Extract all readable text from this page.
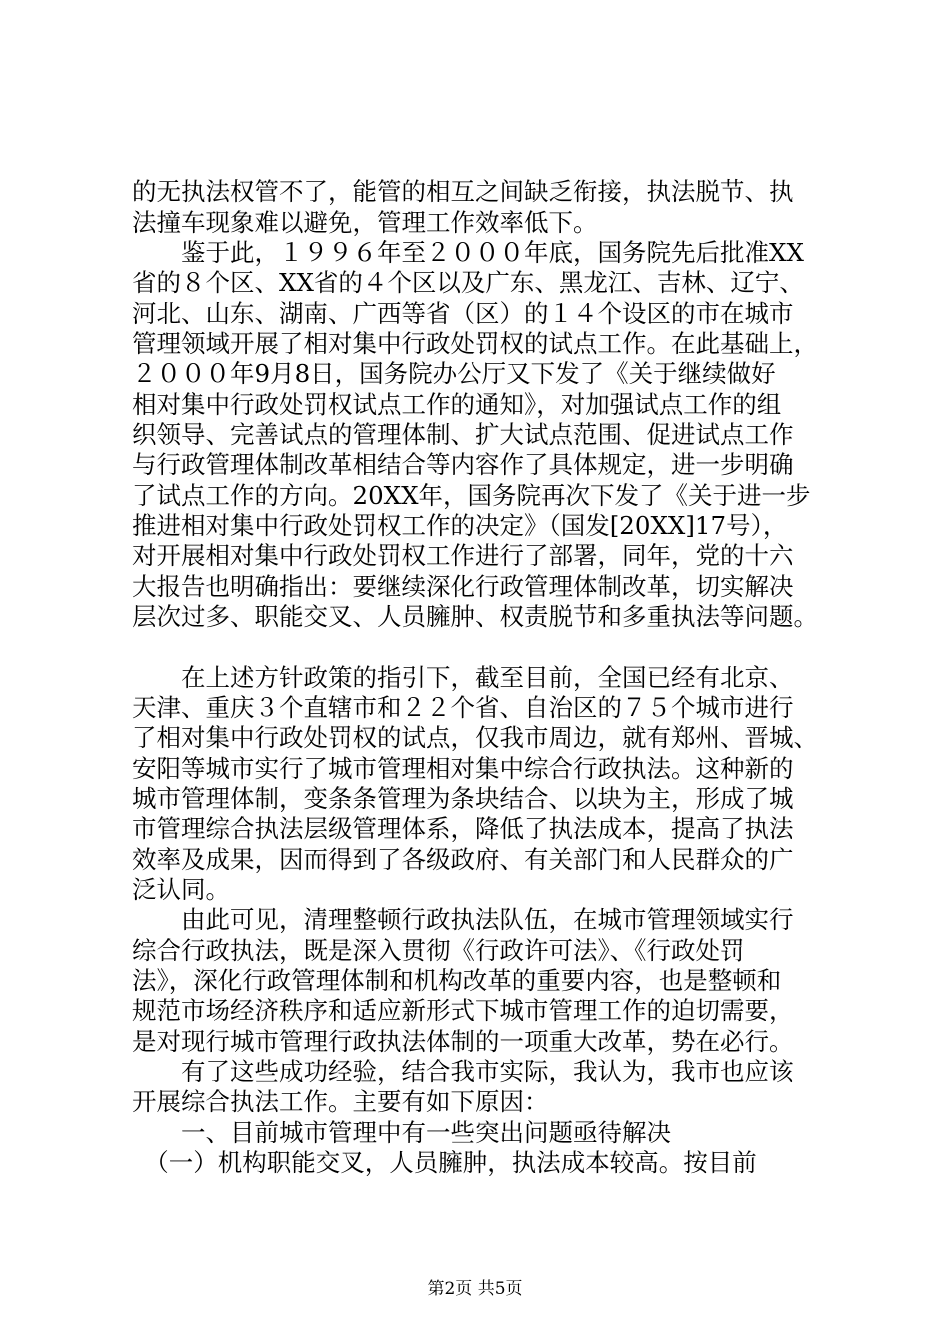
的无执法权管不了，能管的相互之间缺乏衔接，执法脱节、执
法撞车现象难以避免，管理工作效率低下。
　　鉴于此，１９９６年至２０００年底，国务院先后批准XX
省的８个区、XX省的４个区以及广东、黑龙江、吉林、辽宁、
河北、山东、湖南、广西等省（区）的１４个设区的市在城市
管理领域开展了相对集中行政处罚权的试点工作。在此基础上，
２０００年9月8日，国务院办公厅又下发了《关于继续做好
相对集中行政处罚权试点工作的通知》，对加强试点工作的组
织领导、完善试点的管理体制、扩大试点范围、促进试点工作
与行政管理体制改革相结合等内容作了具体规定，进一步明确
了试点工作的方向。20XX年，国务院再次下发了《关于进一步
推进相对集中行政处罚权工作的决定》（国发[20XX]17号），
对开展相对集中行政处罚权工作进行了部署，同年，党的十六
大报告也明确指出：要继续深化行政管理体制改革，切实解决
层次过多、职能交叉、人员臃肿、权责脱节和多重执法等问题。
　　在上述方针政策的指引下，截至目前，全国已经有北京、
天津、重庆３个直辖市和２２个省、自治区的７５个城市进行
了相对集中行政处罚权的试点，仅我市周边，就有郑州、晋城、
安阳等城市实行了城市管理相对集中综合行政执法。这种新的
城市管理体制，变条条管理为条块结合、以块为主，形成了城
市管理综合执法层级管理体系，降低了执法成本，提高了执法
效率及成果，因而得到了各级政府、有关部门和人民群众的广
泛认同。
　　由此可见，清理整顿行政执法队伍，在城市管理领域实行
综合行政执法，既是深入贯彻《行政许可法》、《行政处罚
法》，深化行政管理体制和机构改革的重要内容，也是整顿和
规范市场经济秩序和适应新形式下城市管理工作的迫切需要，
是对现行城市管理行政执法体制的一项重大改革，势在必行。
　　有了这些成功经验，结合我市实际，我认为，我市也应该
开展综合执法工作。主要有如下原因：
　　一、目前城市管理中有一些突出问题亟待解决
　（一）机构职能交叉，人员臃肿，执法成本较高。按目前
第2页 共5页
